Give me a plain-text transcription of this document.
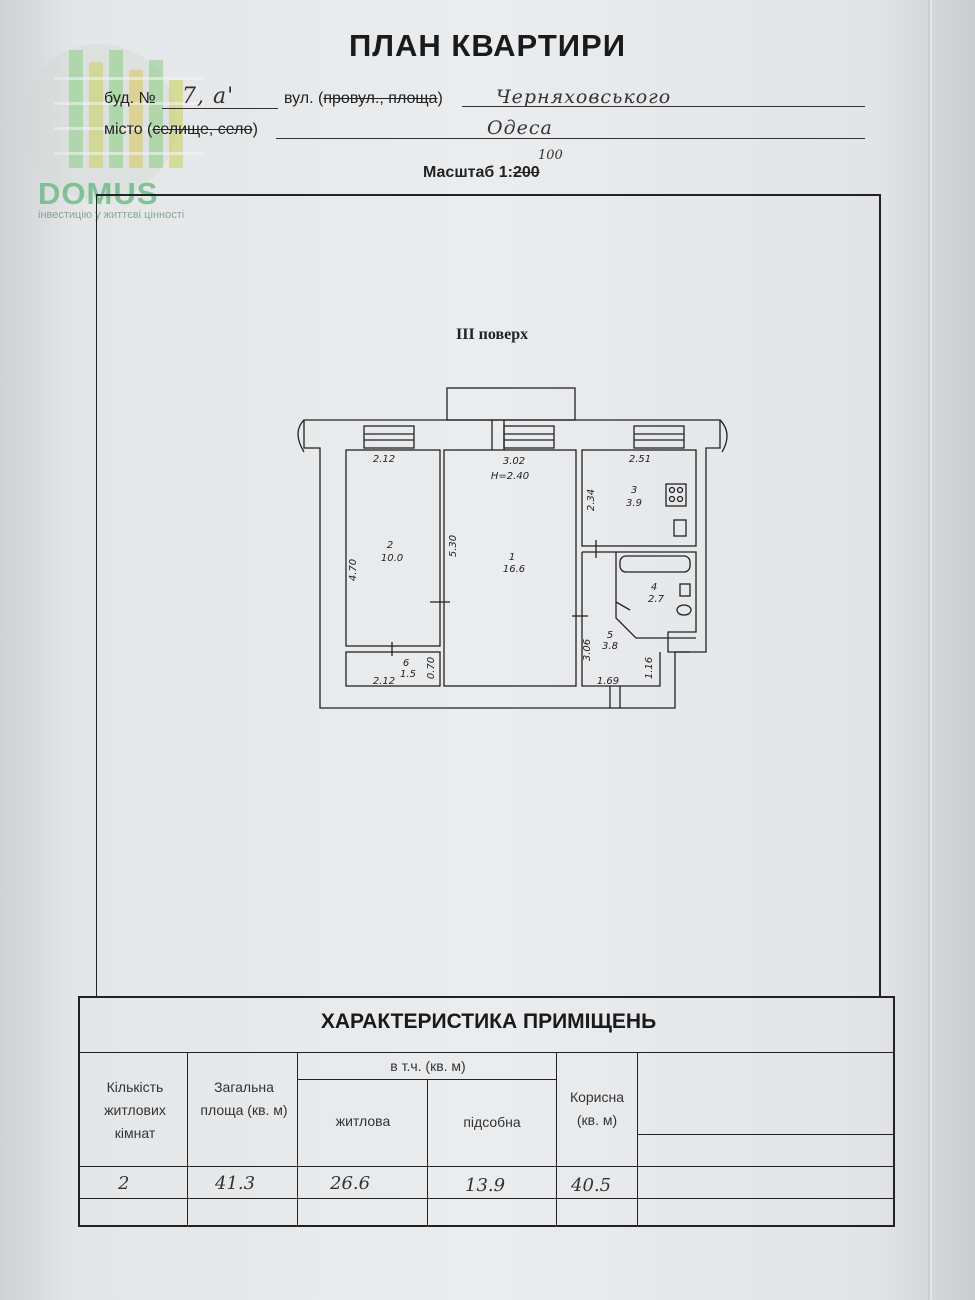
DOMUS
інвестицію у життєві цінності
ПЛАН КВАРТИРИ
буд. № 7, а'	вул. (провул., площа)	Черняховського
місто (селище, село)	Одеса
Масштаб 1:200
100
III поверх
2.12	3.02
H=2.40
2.51
2.34
4.70
5.30
3.06
0.70
2.12	1.69
1.16
2
10.0	1
16.6
3
3.9
4
2.7
5
3.8
6
1.5
ХАРАКТЕРИСТИКА ПРИМІЩЕНЬ
Кількість житлових кімнат
Загальна площа (кв. м)
в т.ч. (кв. м)
житлова	підсобна
Корисна (кв. м)
2	41.3	26.6	13.9	40.5
